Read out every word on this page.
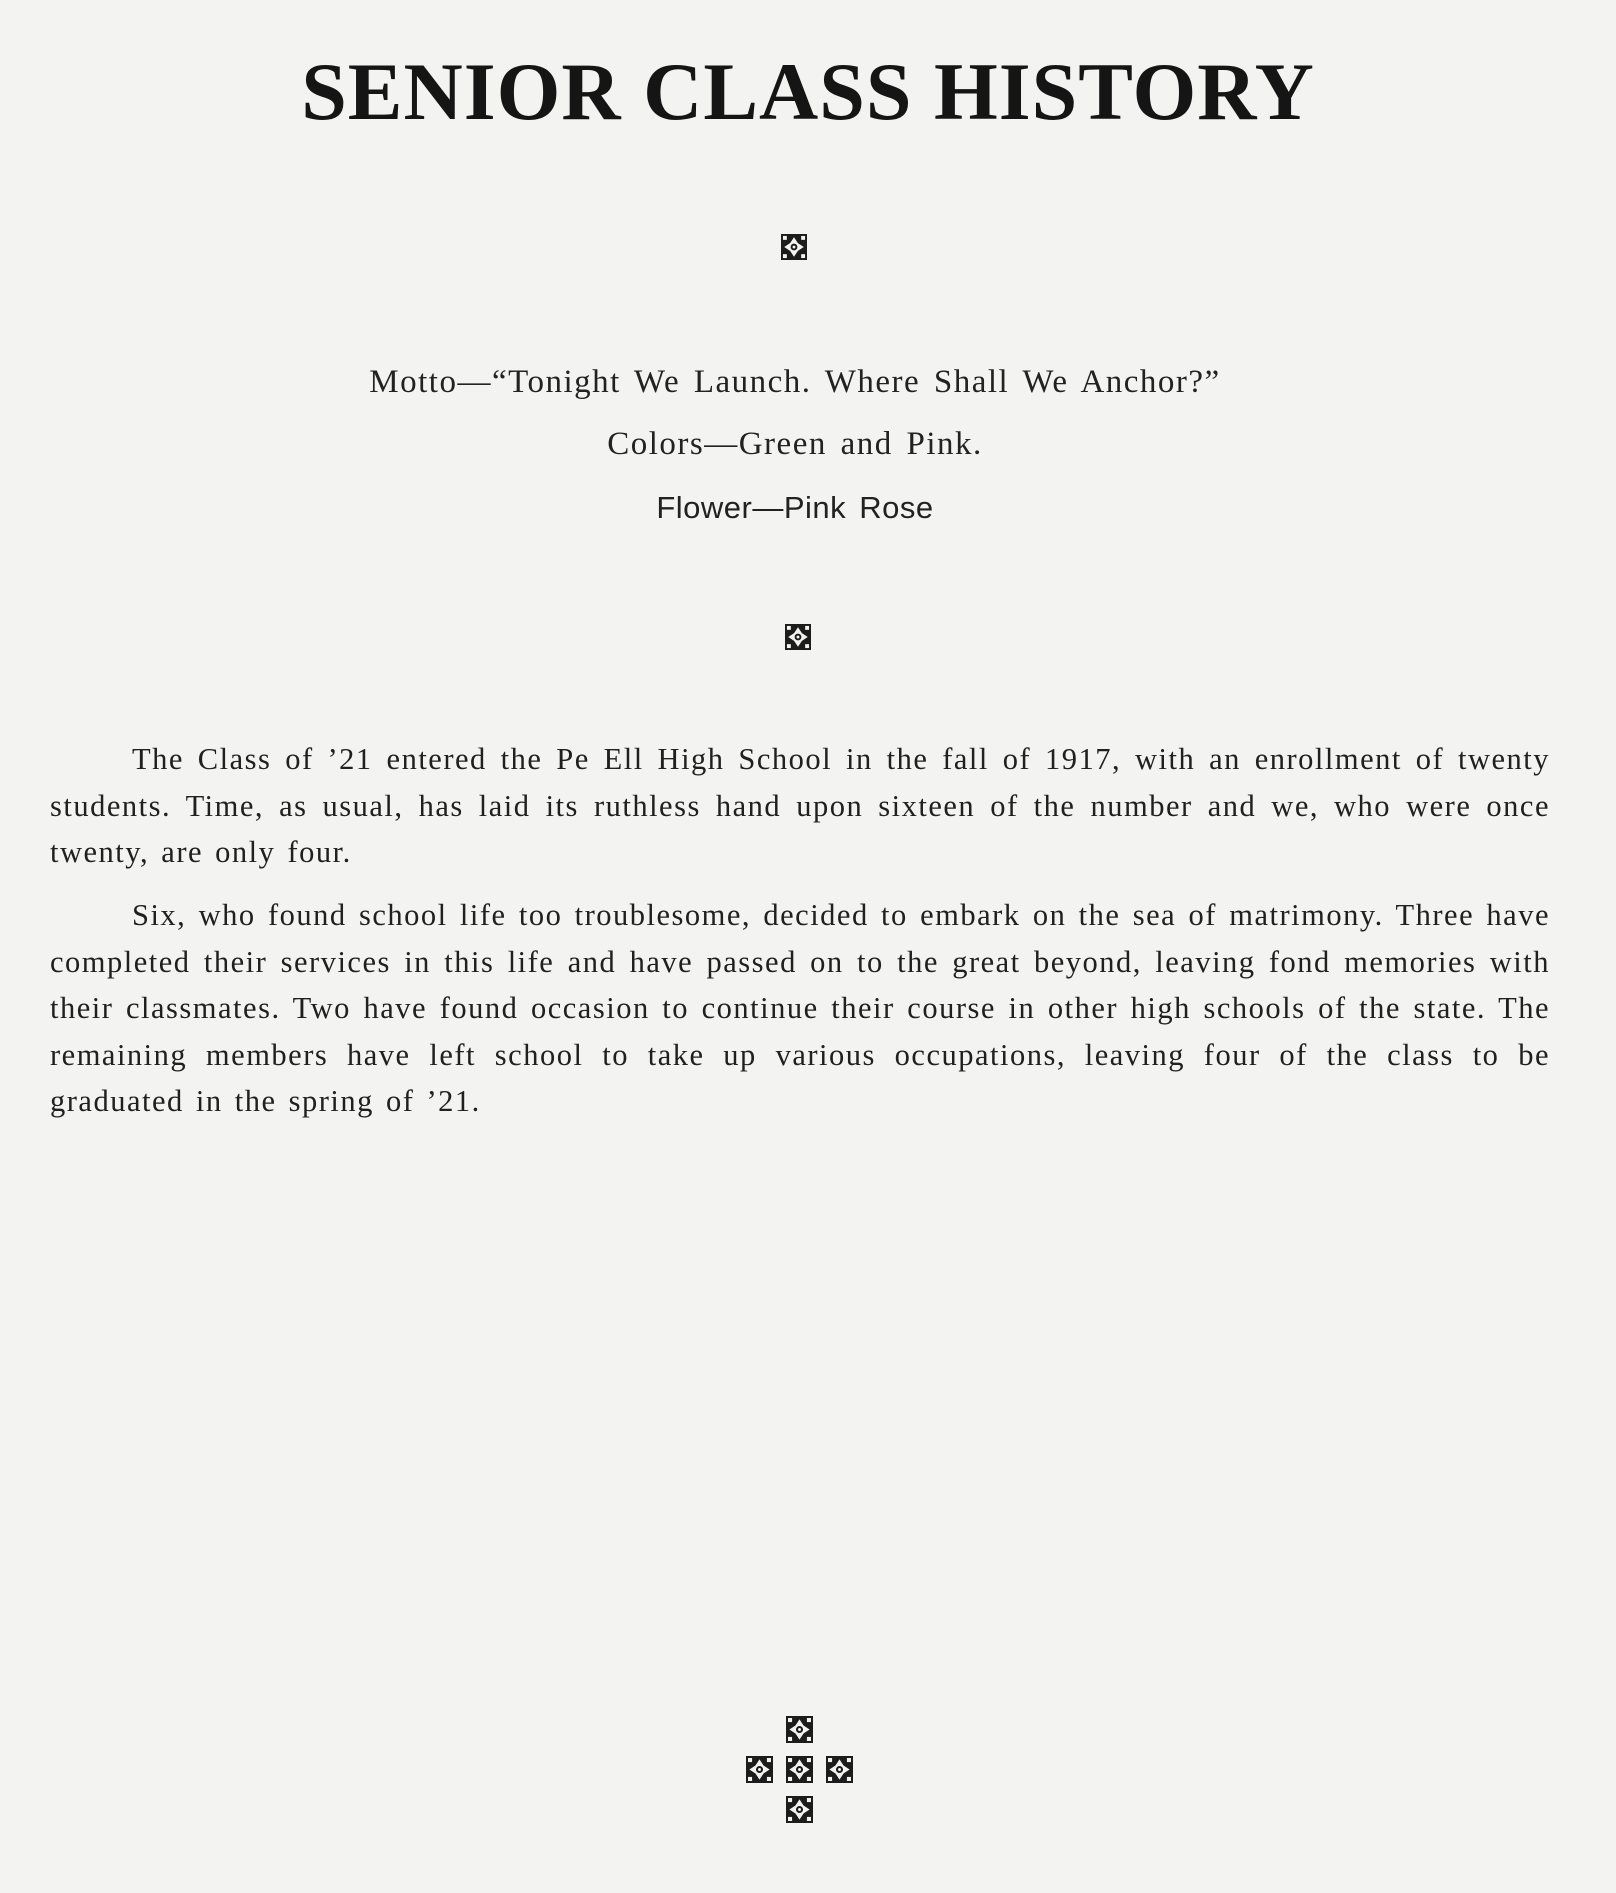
SENIOR CLASS HISTORY
Motto—“Tonight We Launch. Where Shall We Anchor?”
Colors—Green and Pink.
Flower—Pink Rose

The Class of ’21 entered the Pe Ell High School in the fall of 1917, with an enrollment of twenty students. Time, as usual, has laid its ruthless hand upon sixteen of the number and we, who were once twenty, are only four.

Six, who found school life too troublesome, decided to embark on the sea of matrimony. Three have completed their services in this life and have passed on to the great beyond, leaving fond memories with their classmates. Two have found occasion to continue their course in other high schools of the state. The remaining members have left school to take up various occupations, leaving four of the class to be graduated in the spring of ’21.
